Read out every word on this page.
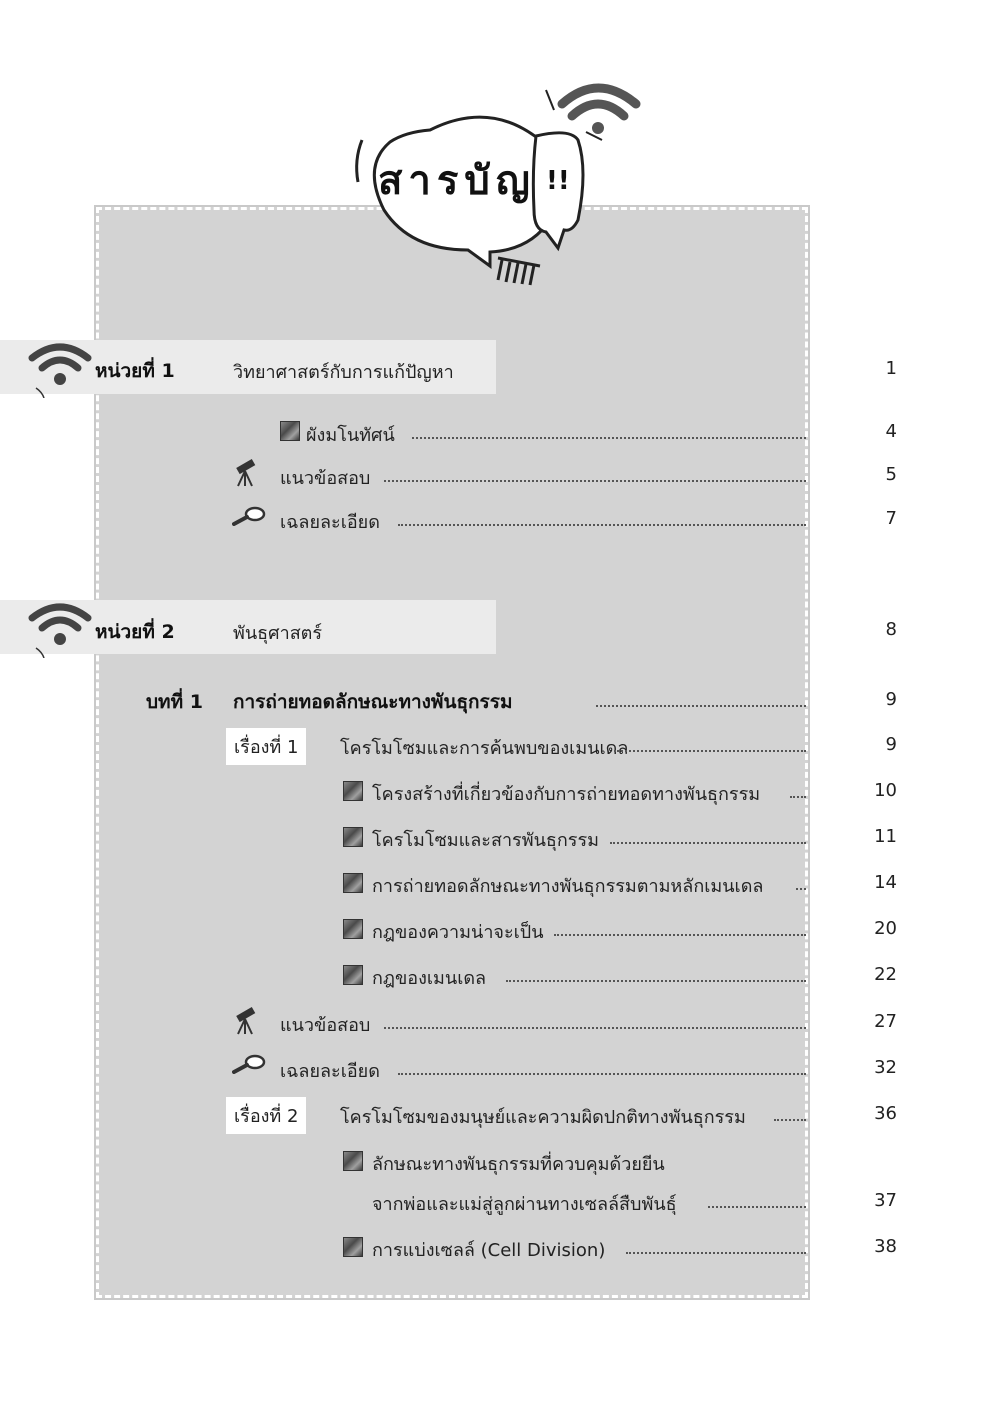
สารบัญ !!
หน่วยที่ 1	วิทยาศาสตร์กับการแก้ปัญหา	1
ผังมโนทัศน์	4
แนวข้อสอบ	5
เฉลยละเอียด	7
หน่วยที่ 2	พันธุศาสตร์	8
บทที่ 1 การถ่ายทอดลักษณะทางพันธุกรรม	9
เรื่องที่ 1	โครโมโซมและการค้นพบของเมนเดล	9
โครงสร้างที่เกี่ยวข้องกับการถ่ายทอดทางพันธุกรรม	10
โครโมโซมและสารพันธุกรรม	11
การถ่ายทอดลักษณะทางพันธุกรรมตามหลักเมนเดล	14
กฎของความน่าจะเป็น	20
กฎของเมนเดล	22
แนวข้อสอบ	27
เฉลยละเอียด	32
เรื่องที่ 2	โครโมโซมของมนุษย์และความผิดปกติทางพันธุกรรม	36
ลักษณะทางพันธุกรรมที่ควบคุมด้วยยีน
จากพ่อและแม่สู่ลูกผ่านทางเซลล์สืบพันธุ์	37
การแบ่งเซลล์ (Cell Division)	38
